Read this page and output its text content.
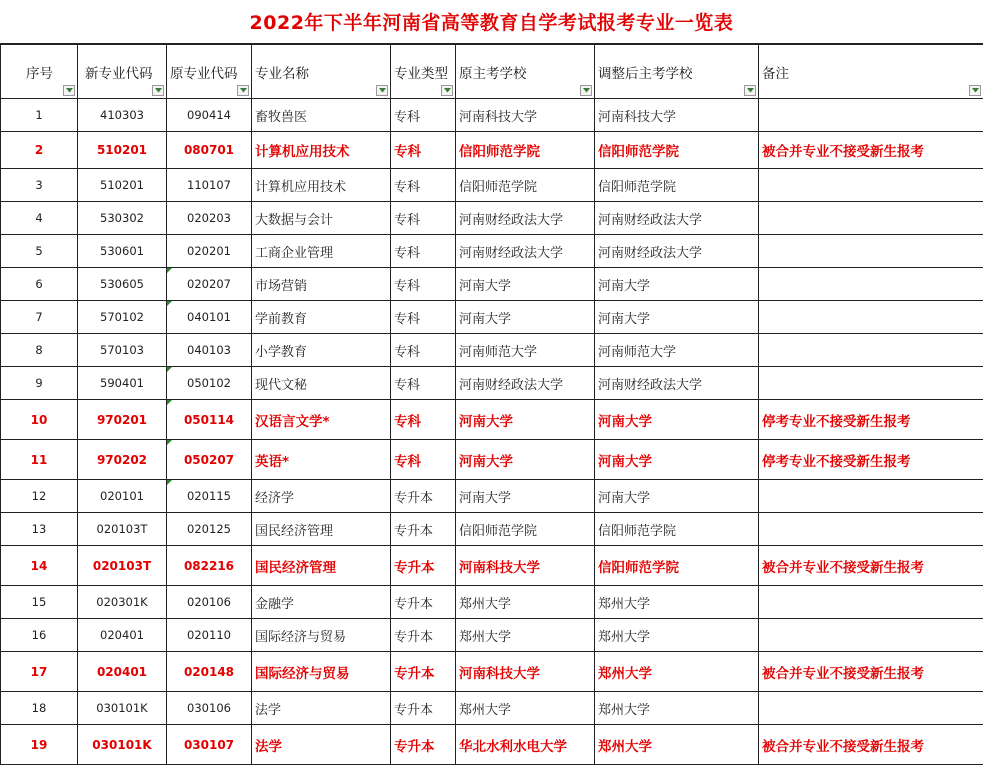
2022年下半年河南省高等教育自学考试报考专业一览表
序号	新专业代码	原专业代码	专业名称	专业类型	原主考学校	调整后主考学校	备注

1	410303	090414	畜牧兽医	专科	河南科技大学	河南科技大学	
2	510201	080701	计算机应用技术	专科	信阳师范学院	信阳师范学院	被合并专业不接受新生报考
3	510201	110107	计算机应用技术	专科	信阳师范学院	信阳师范学院	
4	530302	020203	大数据与会计	专科	河南财经政法大学	河南财经政法大学	
5	530601	020201	工商企业管理	专科	河南财经政法大学	河南财经政法大学	
6	530605	020207	市场营销	专科	河南大学	河南大学	
7	570102	040101	学前教育	专科	河南大学	河南大学	
8	570103	040103	小学教育	专科	河南师范大学	河南师范大学	
9	590401	050102	现代文秘	专科	河南财经政法大学	河南财经政法大学	
10	970201	050114	汉语言文学*	专科	河南大学	河南大学	停考专业不接受新生报考
11	970202	050207	英语*	专科	河南大学	河南大学	停考专业不接受新生报考
12	020101	020115	经济学	专升本	河南大学	河南大学	
13	020103T	020125	国民经济管理	专升本	信阳师范学院	信阳师范学院	
14	020103T	082216	国民经济管理	专升本	河南科技大学	信阳师范学院	被合并专业不接受新生报考
15	020301K	020106	金融学	专升本	郑州大学	郑州大学	
16	020401	020110	国际经济与贸易	专升本	郑州大学	郑州大学	
17	020401	020148	国际经济与贸易	专升本	河南科技大学	郑州大学	被合并专业不接受新生报考
18	030101K	030106	法学	专升本	郑州大学	郑州大学	
19	030101K	030107	法学	专升本	华北水利水电大学	郑州大学	被合并专业不接受新生报考
